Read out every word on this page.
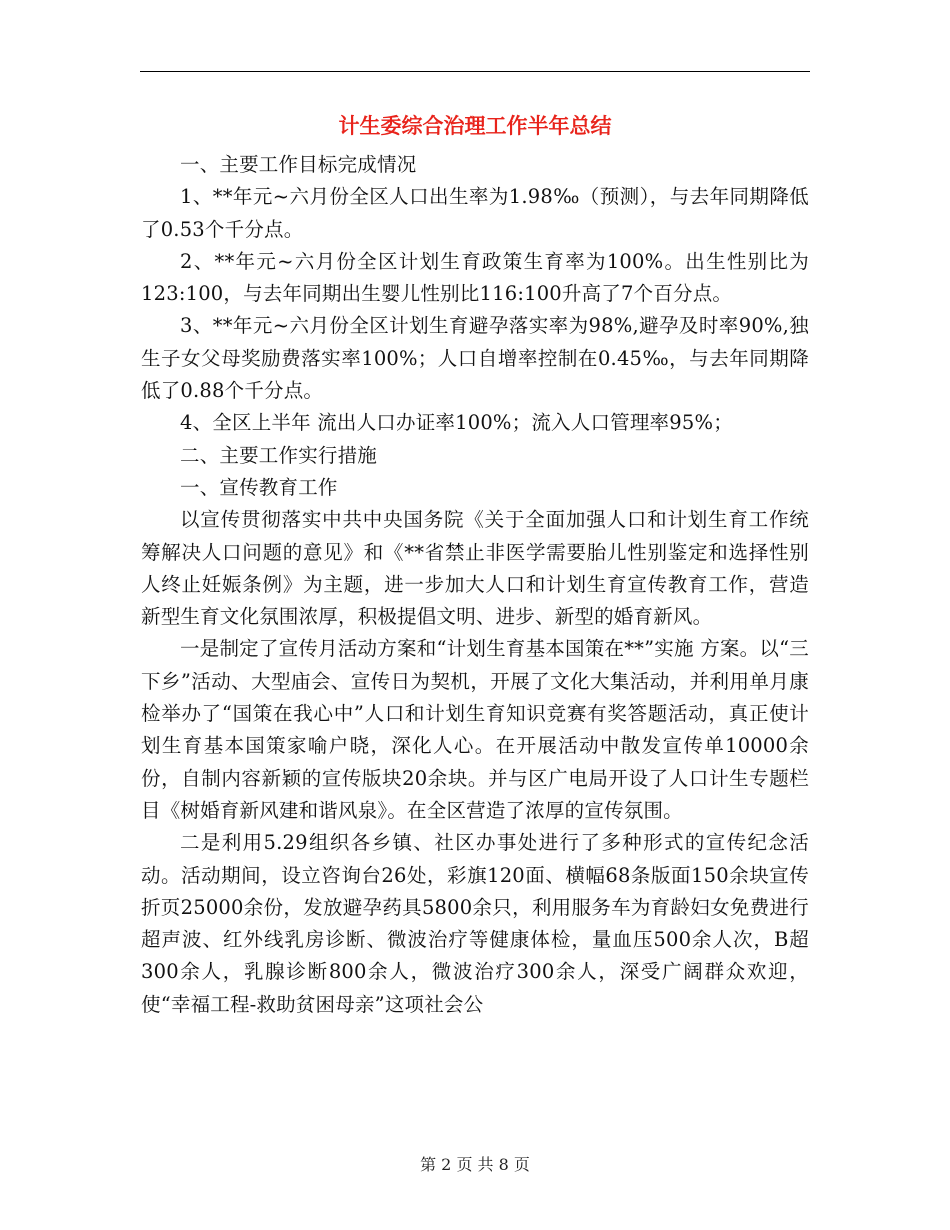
计生委综合治理工作半年总结

一、主要工作目标完成情况

1、**年元~六月份全区人口出生率为1.98‰（预测），与去年同期降低了0.53个千分点。

2、**年元~六月份全区计划生育政策生育率为100%。出生性别比为123:100，与去年同期出生婴儿性别比116:100升高了7个百分点。

3、**年元~六月份全区计划生育避孕落实率为98%,避孕及时率90%,独生子女父母奖励费落实率100%；人口自增率控制在0.45‰，与去年同期降低了0.88个千分点。

4、全区上半年 流出人口办证率100%；流入人口管理率95%；

二、主要工作实行措施

一、宣传教育工作

以宣传贯彻落实中共中央国务院《关于全面加强人口和计划生育工作统筹解决人口问题的意见》和《**省禁止非医学需要胎儿性别鉴定和选择性别人终止妊娠条例》为主题，进一步加大人口和计划生育宣传教育工作，营造新型生育文化氛围浓厚，积极提倡文明、进步、新型的婚育新风。

一是制定了宣传月活动方案和“计划生育基本国策在**”实施 方案。以“三下乡”活动、大型庙会、宣传日为契机，开展了文化大集活动，并利用单月康检举办了“国策在我心中”人口和计划生育知识竞赛有奖答题活动，真正使计划生育基本国策家喻户晓，深化人心。在开展活动中散发宣传单10000余份，自制内容新颖的宣传版块20余块。并与区广电局开设了人口计生专题栏目《树婚育新风建和谐风泉》。在全区营造了浓厚的宣传氛围。

二是利用5.29组织各乡镇、社区办事处进行了多种形式的宣传纪念活动。活动期间，设立咨询台26处，彩旗120面、横幅68条版面150余块宣传折页25000余份，发放避孕药具5800余只，利用服务车为育龄妇女免费进行超声波、红外线乳房诊断、微波治疗等健康体检，量血压500余人次，B超300余人，乳腺诊断800余人，微波治疗300余人，深受广阔群众欢迎，使“幸福工程-救助贫困母亲”这项社会公

第 2 页 共 8 页
